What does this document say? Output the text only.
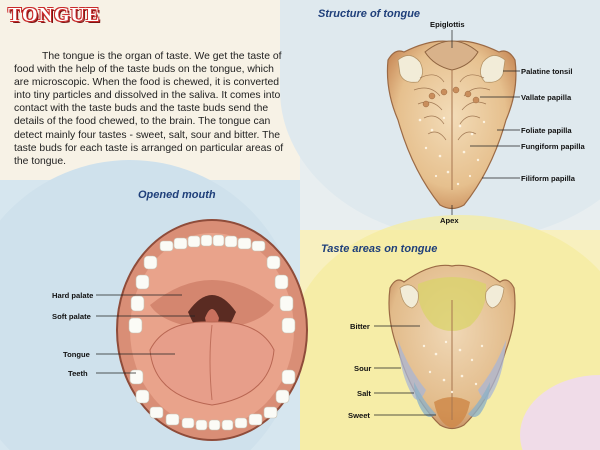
TONGUE
The tongue is the organ of taste. We get the taste of food with the help of the taste buds on the tongue, which are microscopic. When the food is chewed, it is converted into tiny particles and dissolved in the saliva. It comes into contact with the taste buds and the taste buds send the details of the food chewed, to the brain. The tongue can detect mainly four tastes - sweet, salt, sour and bitter. The taste buds for each taste is arranged on particular areas of the tongue.
Structure of tongue
Epiglottis
Palatine tonsil
Vallate papilla
Foliate papilla
Fungiform papilla
Filiform papilla
Apex
Opened mouth
Hard palate
Soft palate
Tongue
Teeth
Taste areas on tongue
Bitter
Sour
Salt
Sweet
